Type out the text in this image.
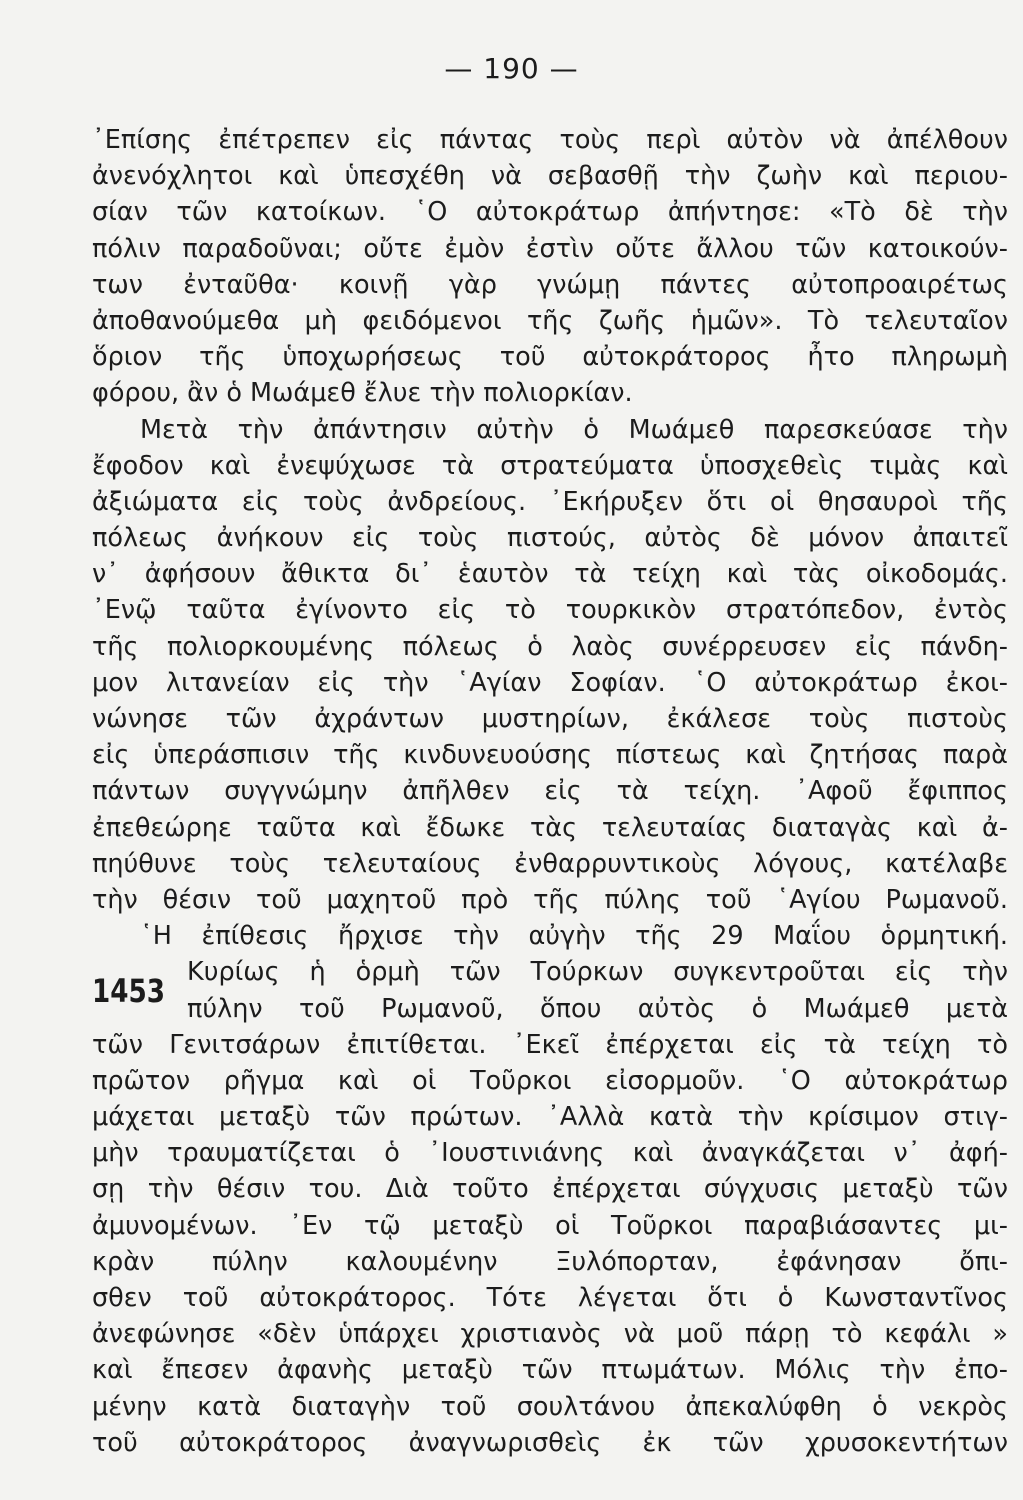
— 190 —
1453
᾿Επίσης ἐπέτρεπεν εἰς πάντας τοὺς περὶ αὐτὸν νὰ ἀπέλθουν
ἀνενόχλητοι καὶ ὑπεσχέθη νὰ σεβασθῇ τὴν ζωὴν καὶ περιου-
σίαν τῶν κατοίκων. ῾Ο αὐτοκράτωρ ἀπήντησε: «Τὸ δὲ τὴν
πόλιν παραδοῦναι; οὔτε ἐμὸν ἐστὶν οὔτε ἄλλου τῶν κατοικούν-
των ἐνταῦθα· κοινῇ γὰρ γνώμῃ πάντες αὐτοπροαιρέτως
ἀποθανούμεθα μὴ φειδόμενοι τῆς ζωῆς ἡμῶν». Τὸ τελευταῖον
ὅριον τῆς ὑποχωρήσεως τοῦ αὐτοκράτορος ἦτο πληρωμὴ
φόρου, ἂν ὁ Μωάμεθ ἔλυε τὴν πολιορκίαν.
Μετὰ τὴν ἀπάντησιν αὐτὴν ὁ Μωάμεθ παρεσκεύασε τὴν
ἔφοδον καὶ ἐνεψύχωσε τὰ στρατεύματα ὑποσχεθεὶς τιμὰς καὶ
ἀξιώματα εἰς τοὺς ἀνδρείους. ᾿Εκήρυξεν ὅτι οἱ θησαυροὶ τῆς
πόλεως ἀνήκουν εἰς τοὺς πιστούς, αὐτὸς δὲ μόνον ἀπαιτεῖ
ν᾿ ἀφήσουν ἄθικτα δι᾿ ἑαυτὸν τὰ τείχη καὶ τὰς οἰκοδομάς.
᾿Ενῷ ταῦτα ἐγίνοντο εἰς τὸ τουρκικὸν στρατόπεδον, ἐντὸς
τῆς πολιορκουμένης πόλεως ὁ λαὸς συνέρρευσεν εἰς πάνδη-
μον λιτανείαν εἰς τὴν ῾Αγίαν Σοφίαν. ῾Ο αὐτοκράτωρ ἐκοι-
νώνησε τῶν ἀχράντων μυστηρίων, ἐκάλεσε τοὺς πιστοὺς
εἰς ὑπεράσπισιν τῆς κινδυνευούσης πίστεως καὶ ζητήσας παρὰ
πάντων συγγνώμην ἀπῆλθεν εἰς τὰ τείχη. ᾿Αφοῦ ἔφιππος
ἐπεθεώρηε ταῦτα καὶ ἔδωκε τὰς τελευταίας διαταγὰς καὶ ἀ-
πηύθυνε τοὺς τελευταίους ἐνθαρρυντικοὺς λόγους, κατέλαβε
τὴν θέσιν τοῦ μαχητοῦ πρὸ τῆς πύλης τοῦ ῾Αγίου Ρωμανοῦ.
῾Η ἐπίθεσις ἤρχισε τὴν αὐγὴν τῆς 29 Μαΐου ὁρμητική.
Κυρίως ἡ ὁρμὴ τῶν Τούρκων συγκεντροῦται εἰς τὴν
πύλην τοῦ Ρωμανοῦ, ὅπου αὐτὸς ὁ Μωάμεθ μετὰ
τῶν Γενιτσάρων ἐπιτίθεται. ᾿Εκεῖ ἐπέρχεται εἰς τὰ τείχη τὸ
πρῶτον ρῆγμα καὶ οἱ Τοῦρκοι εἰσορμοῦν. ῾Ο αὐτοκράτωρ
μάχεται μεταξὺ τῶν πρώτων. ᾿Αλλὰ κατὰ τὴν κρίσιμον στιγ-
μὴν τραυματίζεται ὁ ᾿Ιουστινιάνης καὶ ἀναγκάζεται ν᾿ ἀφή-
σῃ τὴν θέσιν του. Διὰ τοῦτο ἐπέρχεται σύγχυσις μεταξὺ τῶν
ἀμυνομένων. ᾿Εν τῷ μεταξὺ οἱ Τοῦρκοι παραβιάσαντες μι-
κρὰν πύλην καλουμένην Ξυλόπορταν, ἐφάνησαν ὄπι-
σθεν τοῦ αὐτοκράτορος. Τότε λέγεται ὅτι ὁ Κωνσταντῖνος
ἀνεφώνησε «δὲν ὑπάρχει χριστιανὸς νὰ μοῦ πάρῃ τὸ κεφάλι »
καὶ ἔπεσεν ἀφανὴς μεταξὺ τῶν πτωμάτων. Μόλις τὴν ἐπο-
μένην κατὰ διαταγὴν τοῦ σουλτάνου ἀπεκαλύφθη ὁ νεκρὸς
τοῦ αὐτοκράτορος ἀναγνωρισθεὶς ἐκ τῶν χρυσοκεντήτων
